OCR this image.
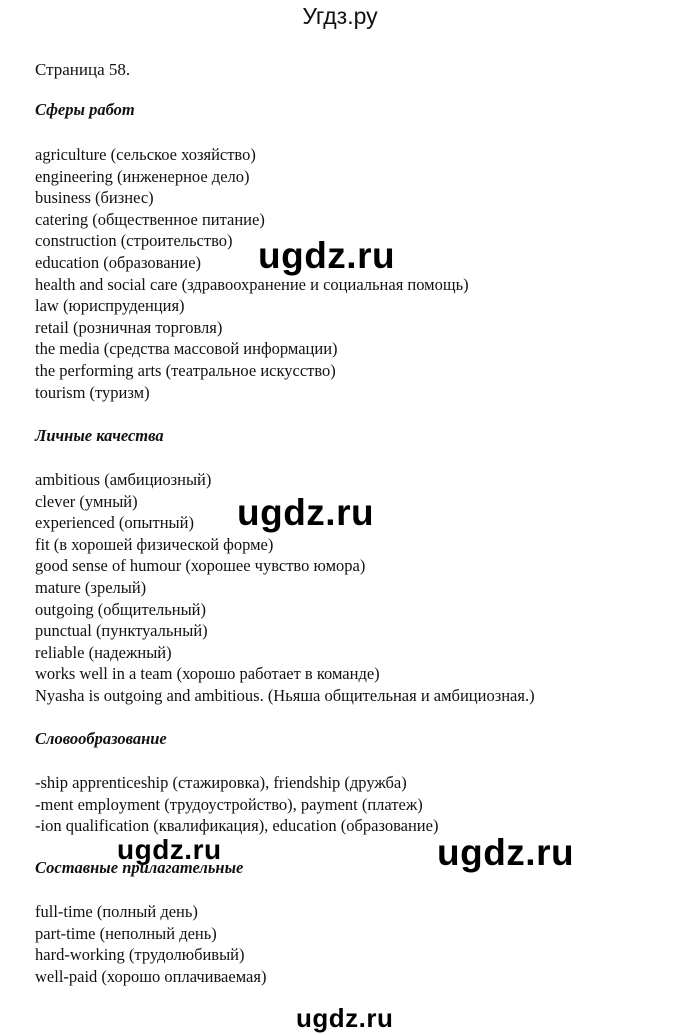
Угдз.ру
Страница 58.
Сферы работ
agriculture (сельское хозяйство)
engineering (инженерное дело)
business (бизнес)
catering (общественное питание)
construction (строительство)
education (образование)
health and social care (здравоохранение и социальная помощь)
law (юриспруденция)
retail (розничная торговля)
the media (средства массовой информации)
the performing arts (театральное искусство)
tourism (туризм)
Личные качества
ambitious (амбициозный)
clever (умный)
experienced (опытный)
fit (в хорошей физической форме)
good sense of humour (хорошее чувство юмора)
mature (зрелый)
outgoing (общительный)
punctual (пунктуальный)
reliable (надежный)
works well in a team (хорошо работает в команде)
Nyasha is outgoing and ambitious. (Ньяша общительная и амбициозная.)
Словообразование
-ship apprenticeship (стажировка), friendship (дружба)
-ment employment (трудоустройство), payment (платеж)
-ion qualification (квалификация), education (образование)
Составные прилагательные
full-time (полный день)
part-time (неполный день)
hard-working (трудолюбивый)
well-paid (хорошо оплачиваемая)
ugdz.ru
ugdz.ru
ugdz.ru	ugdz.ru
ugdz.ru
